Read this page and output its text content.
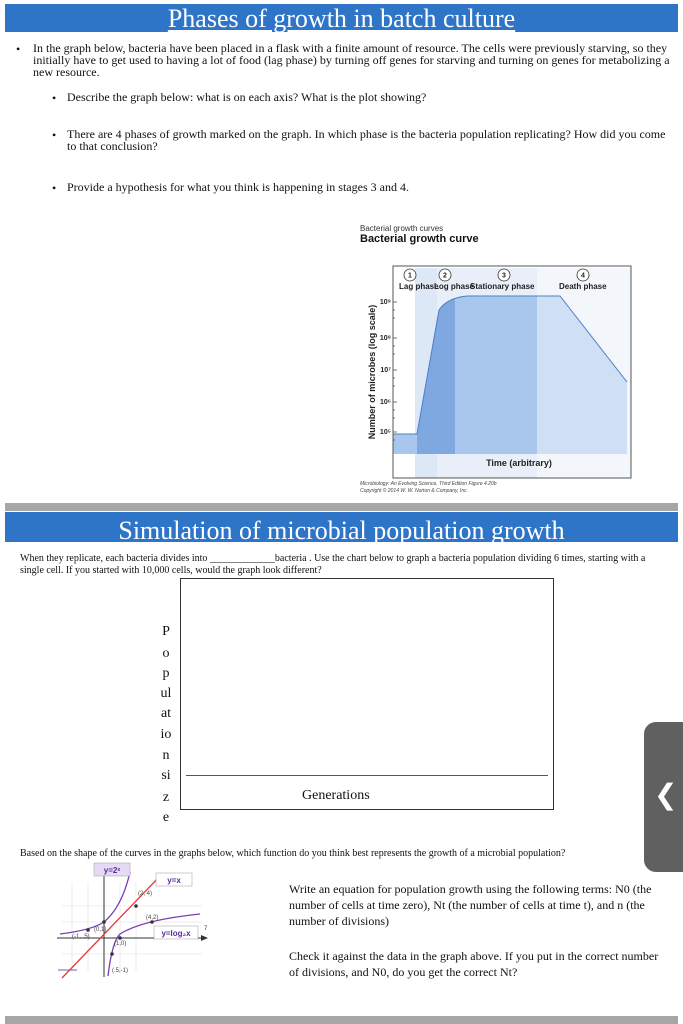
Phases of growth in batch culture
• In the graph below, bacteria have been placed in a flask with a finite amount of resource. The cells were previously starving, so they initially have to get used to having a lot of food (lag phase) by turning off genes for starving and turning on genes for metabolizing a new resource.
• Describe the graph below: what is on each axis? What is the plot showing?
• There are 4 phases of growth marked on the graph. In which phase is the bacteria population replicating? How did you come to that conclusion?
• Provide a hypothesis for what you think is happening in stages 3 and 4.
Bacterial growth curves
Bacterial growth curve
1	2	3	4
Lag phase
Log phase
Stationary phase	Death phase
10⁹
10⁸
10⁷
10⁶
10⁵
Number of microbes (log scale)
Time (arbitrary)
Microbiology: An Evolving Science, Third Edition Figure 4.20b
Copyright © 2014 W. W. Norton & Company, Inc.
Simulation of microbial population growth
When they replicate, each bacteria divides into _____________bacteria . Use the chart below to graph a bacteria population dividing 6 times, starting with a single cell. If you started with 10,000 cells, would the graph look different?
P
o
p
ul
at
io
n
si
z
e
Generations
Based on the shape of the curves in the graphs below, which function do you think best represents the growth of a microbial population?
y=2ˣ
y=x
y=log₂x
(2, 4)
(4,2)
(0,1)
(-1, .5)
(1,0)
(.5,-1)
7
Write an equation for population growth using the following terms: N0 (the number of cells at time zero), Nt (the number of cells at time t), and n (the number of divisions)
Check it against the data in the graph above. If you put in the correct number of divisions, and N0, do you get the correct Nt?
❮
